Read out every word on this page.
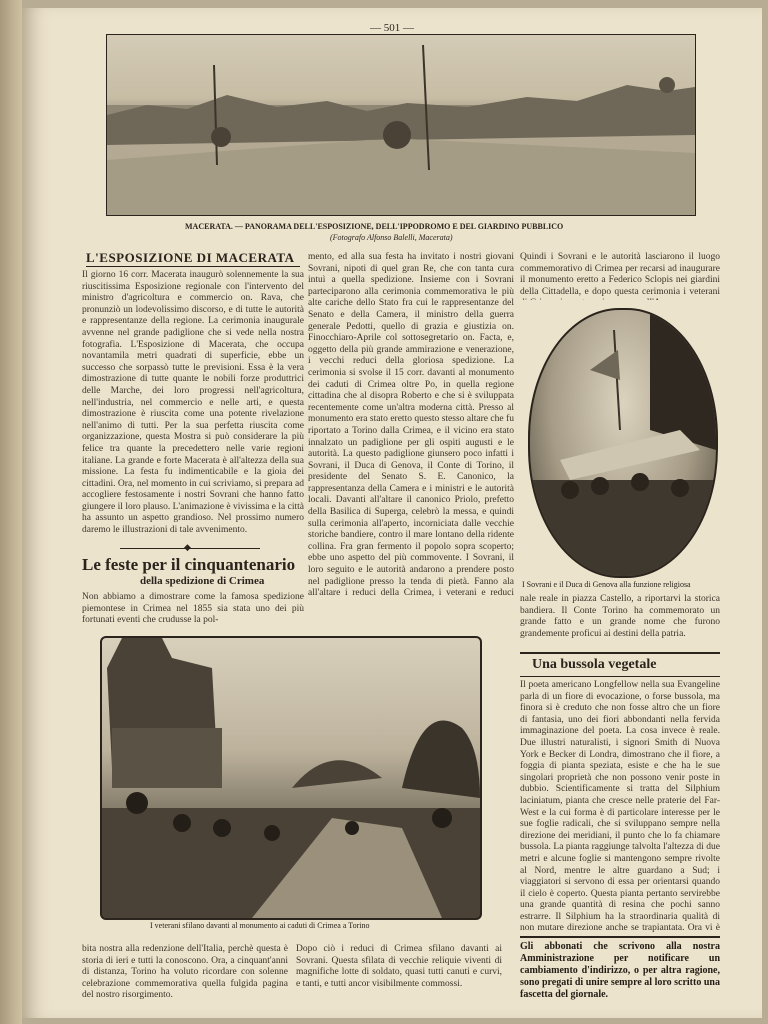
— 501 —
MACERATA. — PANORAMA DELL'ESPOSIZIONE, DELL'IPPODROMO E DEL GIARDINO PUBBLICO
(Fotografo Alfonso Balelli, Macerata)
L'ESPOSIZIONE DI MACERATA
Il giorno 16 corr. Macerata inaugurò solennemente la sua riuscitissima Esposizione regionale con l'intervento del ministro d'agricoltura e commercio on. Rava, che pronunziò un lodevolissimo discorso, e di tutte le autorità e rappresentanze della regione. La cerimonia inaugurale avvenne nel grande padiglione che si vede nella nostra fotografia. L'Esposizione di Macerata, che occupa novantamila metri quadrati di superficie, ebbe un successo che sorpassò tutte le previsioni. Essa è la vera dimostrazione di tutte quante le nobili forze produttrici delle Marche, dei loro progressi nell'agricoltura, nell'industria, nel commercio e nelle arti, e questa dimostrazione è riuscita come una potente rivelazione nell'animo di tutti. Per la sua perfetta riuscita come organizzazione, questa Mostra si può considerare la più felice tra quante la precedettero nelle varie regioni italiane. La grande e forte Macerata è all'altezza della sua missione. La festa fu indimenticabile e la gioia dei cittadini. Ora, nel momento in cui scriviamo, si prepara ad accogliere festosamente i nostri Sovrani che hanno fatto giungere il loro plauso. L'animazione è vivissima e la città ha assunto un aspetto grandioso. Nel prossimo numero daremo le illustrazioni di tale avvenimento.
mento, ed alla sua festa ha invitato i nostri giovani Sovrani, nipoti di quel gran Re, che con tanta cura intuì a quella spedizione. Insieme con i Sovrani parteciparono alla cerimonia commemorativa le più alte cariche dello Stato fra cui le rappresentanze del Senato e della Camera, il ministro della guerra generale Pedotti, quello di grazia e giustizia on. Finocchiaro-Aprile col sottosegretario on. Facta, e, oggetto della più grande ammirazione e venerazione, i vecchi reduci della gloriosa spedizione. La cerimonia si svolse il 15 corr. davanti al monumento dei caduti di Crimea oltre Po, in quella regione cittadina che al disopra Roberto e che si è sviluppata recentemente come un'altra moderna città. Presso al monumento era stato eretto questo stesso altare che fu riportato a Torino dalla Crimea, e il vicino era stato innalzato un padiglione per gli ospiti augusti e le autorità. La questo padiglione giunsero poco infatti i Sovrani, il Duca di Genova, il Conte di Torino, il presidente del Senato S. E. Canonico, la rappresentanza della Camera e i ministri e le autorità locali. Davanti all'altare il canonico Priolo, prefetto della Basilica di Superga, celebrò la messa, e quindi sulla cerimonia all'aperto, incorniciata dalle vecchie storiche bandiere, contro il mare lontano della ridente collina. Fra gran fermento il popolo sopra scoperto; ebbe uno aspetto del più commovente. I Sovrani, il loro seguito e le autorità andarono a prendere posto nel padiglione presso la tenda di pietà. Fanno ala all'altare i reduci della Crimea, i veterani e reduci
◆
Le feste per il cinquantenario
della spedizione di Crimea
Non abbiamo a dimostrare come la famosa spedizione piemontese in Crimea nel 1855 sia stata uno dei più fortunati eventi che crudusse la pol-
I Sovrani e il Duca di Genova alla funzione religiosa
Quindi i Sovrani e le autorità lasciarono il luogo commemorativo di Crimea per recarsi ad inaugurare il monumento eretto a Federico Sclopis nei giardini della Cittadella, e dopo questa cerimonia i veterani
nale reale in piazza Castello, a riportarvi la storica bandiera. Il Conte Torino ha commemorato un grande fatto e un grande nome che furono grandemente proficui ai destini della patria.
Una bussola vegetale
Il poeta americano Longfellow nella sua Evangeline parla di un fiore di evocazione, o forse bussola, ma finora si è creduto che non fosse altro che un fiore di fantasia, uno dei fiori abbondanti nella fervida immaginazione del poeta. La cosa invece è reale. Due illustri naturalisti, i signori Smith di Nuova York e Becker di Londra, dimostrano che il fiore, a foggia di pianta speziata, esiste e che ha le sue singolari proprietà che non possono venir poste in dubbio. Scientificamente si tratta del Silphium laciniatum, pianta che cresce nelle praterie del Far-West e la cui forma è di particolare interesse per le sue foglie radicali, che si sviluppano sempre nella direzione dei meridiani, il punto che lo fa chiamare bussola. La pianta raggiunge talvolta l'altezza di due metri e alcune foglie si mantengono sempre rivolte al Nord, mentre le altre guardano a Sud; i viaggiatori si servono di essa per orientarsi quando il cielo è coperto. Questa pianta pertanto servirebbe una grande quantità di resina che pochi sanno estrarre. Il Silphium ha la straordinaria qualità di non mutare direzione anche se trapiantata. Ora vi è
Gli abbonati che scrivono alla nostra Amministrazione per notificare un cambiamento d'indirizzo, o per altra ragione, sono pregati di unire sempre al loro scritto una fascetta del giornale.
I veterani sfilano davanti al monumento ai caduti di Crimea a Torino
bita nostra alla redenzione dell'Italia, perchè questa è storia di ieri e tutti la conoscono. Ora, a cinquant'anni di distanza, Torino ha voluto ricordare con solenne celebrazione commemorativa quella fulgida pagina del nostro risorgimento.
Dopo ciò i reduci di Crimea sfilano davanti ai Sovrani. Questa sfilata di vecchie reliquie viventi di magnifiche lotte di soldato, quasi tutti canuti e curvi, e tanti, e tutti ancor visibilmente commossi.
